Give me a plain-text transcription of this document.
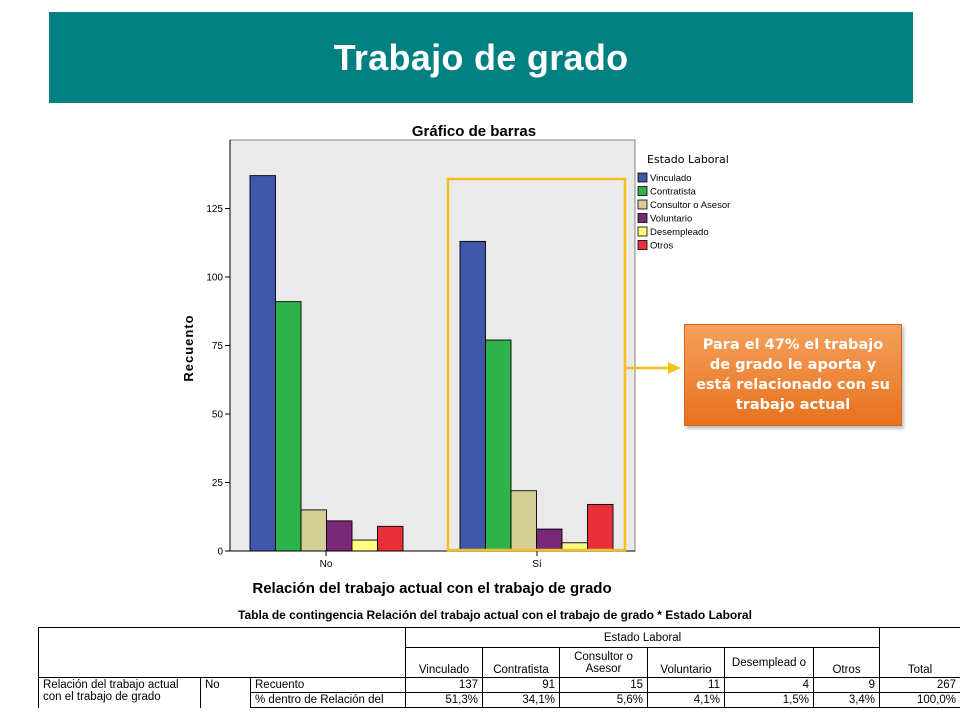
Trabajo de grado
0
25
50
75
100
125
No	Sí
Estado Laboral
Vinculado
Contratista
Consultor o Asesor
Voluntario
Desempleado
Otros
Gráfico de barras
Recuento
Relación del trabajo actual con el trabajo de grado
Para el 47% el trabajo de grado le aporta y está relacionado con su trabajo actual
Tabla de contingencia Relación del trabajo actual con el trabajo de grado * Estado Laboral
			Estado Laboral						Total
			Vinculado	Contratista	Consultor o Asesor	Voluntario	Desemplead o	Otros	
Relación del trabajo actual con el trabajo de grado	No	Recuento	137	91	15	11	4	9	267
		% dentro de Relación del	51,3%	34,1%	5,6%	4,1%	1,5%	3,4%	100,0%
